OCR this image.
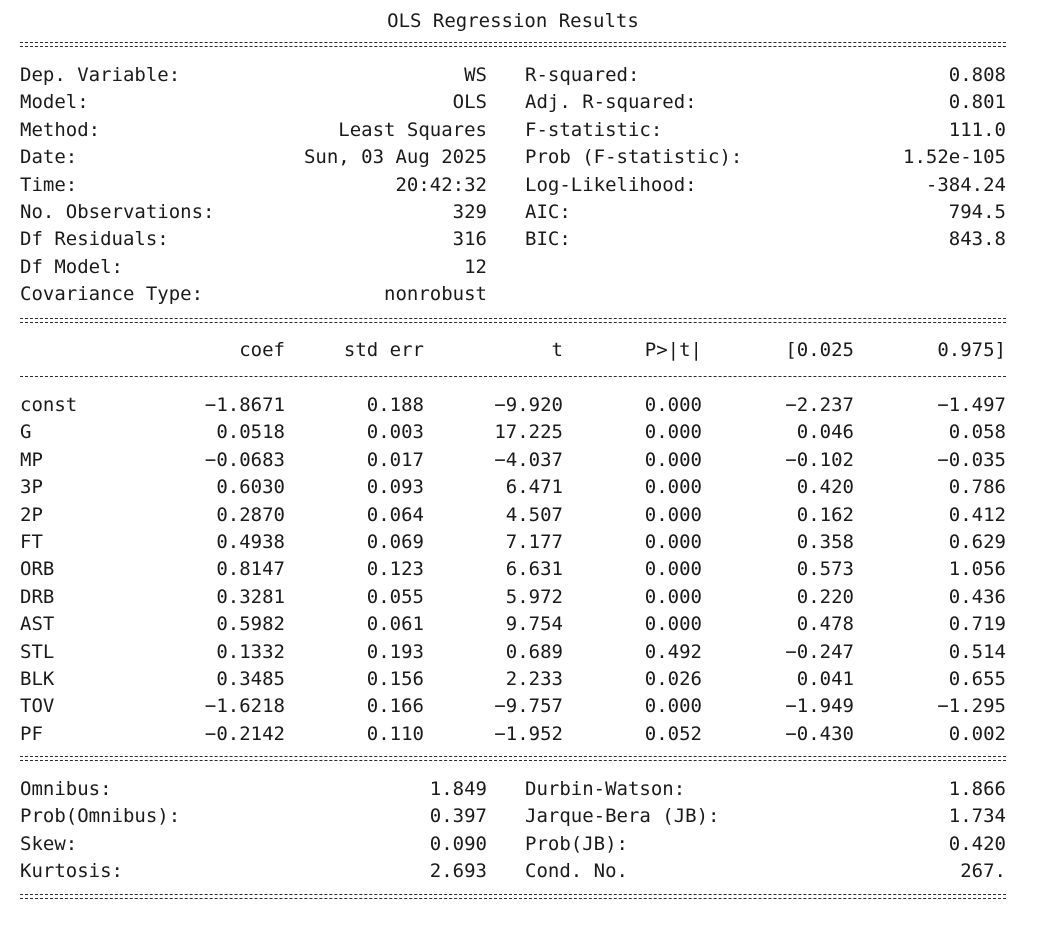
OLS Regression Results
Dep. Variable:	WS R-squared:	0.808
Model:	OLS Adj. R-squared:	0.801
Method:	Least Squares F-statistic:	111.0
Date:	Sun, 03 Aug 2025 Prob (F-statistic):	1.52e-105
Time:	20:42:32 Log-Likelihood:	-384.24
No. Observations:	329 AIC:	794.5
Df Residuals:	316 BIC:	843.8
Df Model:	12
Covariance Type:	nonrobust
coef	std err	t	P>|t|	[0.025	0.975]
const	−1.8671	0.188	−9.920	0.000	−2.237	−1.497
G	0.0518	0.003	17.225	0.000	0.046	0.058
MP	−0.0683	0.017	−4.037	0.000	−0.102	−0.035
3P	0.6030	0.093	6.471	0.000	0.420	0.786
2P	0.2870	0.064	4.507	0.000	0.162	0.412
FT	0.4938	0.069	7.177	0.000	0.358	0.629
ORB	0.8147	0.123	6.631	0.000	0.573	1.056
DRB	0.3281	0.055	5.972	0.000	0.220	0.436
AST	0.5982	0.061	9.754	0.000	0.478	0.719
STL	0.1332	0.193	0.689	0.492	−0.247	0.514
BLK	0.3485	0.156	2.233	0.026	0.041	0.655
TOV	−1.6218	0.166	−9.757	0.000	−1.949	−1.295
PF	−0.2142	0.110	−1.952	0.052	−0.430	0.002
Omnibus:	1.849 Durbin-Watson:	1.866
Prob(Omnibus):	0.397 Jarque-Bera (JB):	1.734
Skew:	0.090 Prob(JB):	0.420
Kurtosis:	2.693 Cond. No.	267.
